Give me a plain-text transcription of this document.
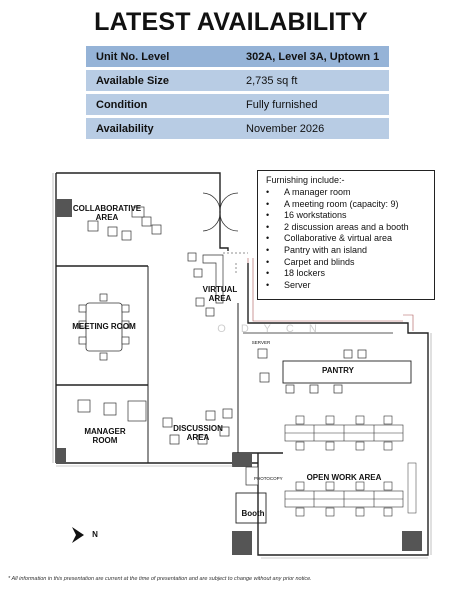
LATEST AVAILABILITY
Unit No. Level	302A, Level 3A, Uptown 1
Available Size	2,735 sq ft
Condition	Fully furnished
Availability	November 2026
COLLABORATIVE
AREA
VIRTUAL
AREA
MEETING ROOM
MANAGER
ROOM
DISCUSSION
AREA
PANTRY
OPEN WORK AREA
Booth
SERVER
PHOTOCOPY
O D Y C N
N
Furnishing include:-
• A manager room
• A meeting room (capacity: 9)
• 16 workstations
• 2 discussion areas and a booth
• Collaborative & virtual area
• Pantry with an island
• Carpet and blinds
• 18 lockers
• Server
* All information in this presentation are current at the time of presentation and are subject to change without any prior notice.
